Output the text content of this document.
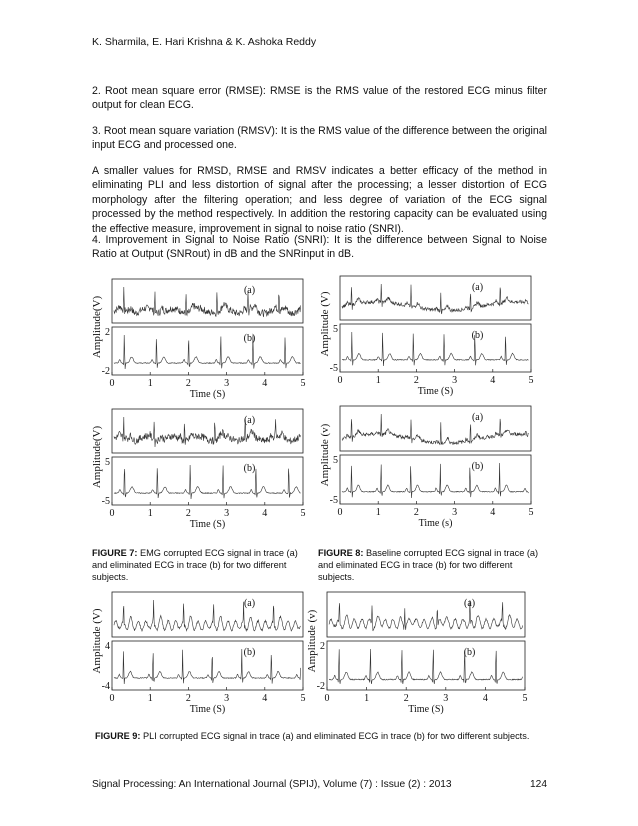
K. Sharmila, E. Hari Krishna & K. Ashoka Reddy
2. Root mean square error (RMSE): RMSE is the RMS value of the restored ECG minus filter output for clean ECG.
3. Root mean square variation (RMSV): It is the RMS value of the difference between the original input ECG and processed one.
A smaller values for RMSD, RMSE and RMSV indicates a better efficacy of the method in eliminating PLI and less distortion of signal after the processing; a lesser distortion of ECG morphology after the filtering operation; and less degree of variation of the ECG signal processed by the method respectively. In addition the restoring capacity can be evaluated using the effective measure, improvement in signal to noise ratio (SNRI).
4. Improvement in Signal to Noise Ratio (SNRI): It is the difference between Signal to Noise Ratio at Output (SNRout) in dB and the SNRinput in dB.
(a)
(b)
0	1	2	3	4	5
Time (S)
2
-2
Amplitude(V)
(a)
(b)
0	1	2	3	4	5
Time (S)
5
-5
Amplitude (V)
(a)
(b)
0	1	2	3	4	5
Time (S)
5
-5
Amplitude(V)
(a)
(b)
0	1	2	3	4	5
Time (s)
5
-5
Amplitude (v)
(a)
(b)
0	1	2	3	4	5
Time (S)
4
-4
Amplitude (V)
(a)
(b)
0	1	2	3	4	5
Time (S)
2
-2
Amplitude (v)
FIGURE 7: EMG corrupted ECG signal in trace (a) and eliminated ECG in trace (b) for two different subjects.
FIGURE 8: Baseline corrupted ECG signal in trace (a) and eliminated ECG in trace (b) for two different subjects.
FIGURE 9: PLI corrupted ECG signal in trace (a) and eliminated ECG in trace (b) for two different subjects.
Signal Processing: An International Journal (SPIJ), Volume (7) : Issue (2) : 2013	124
